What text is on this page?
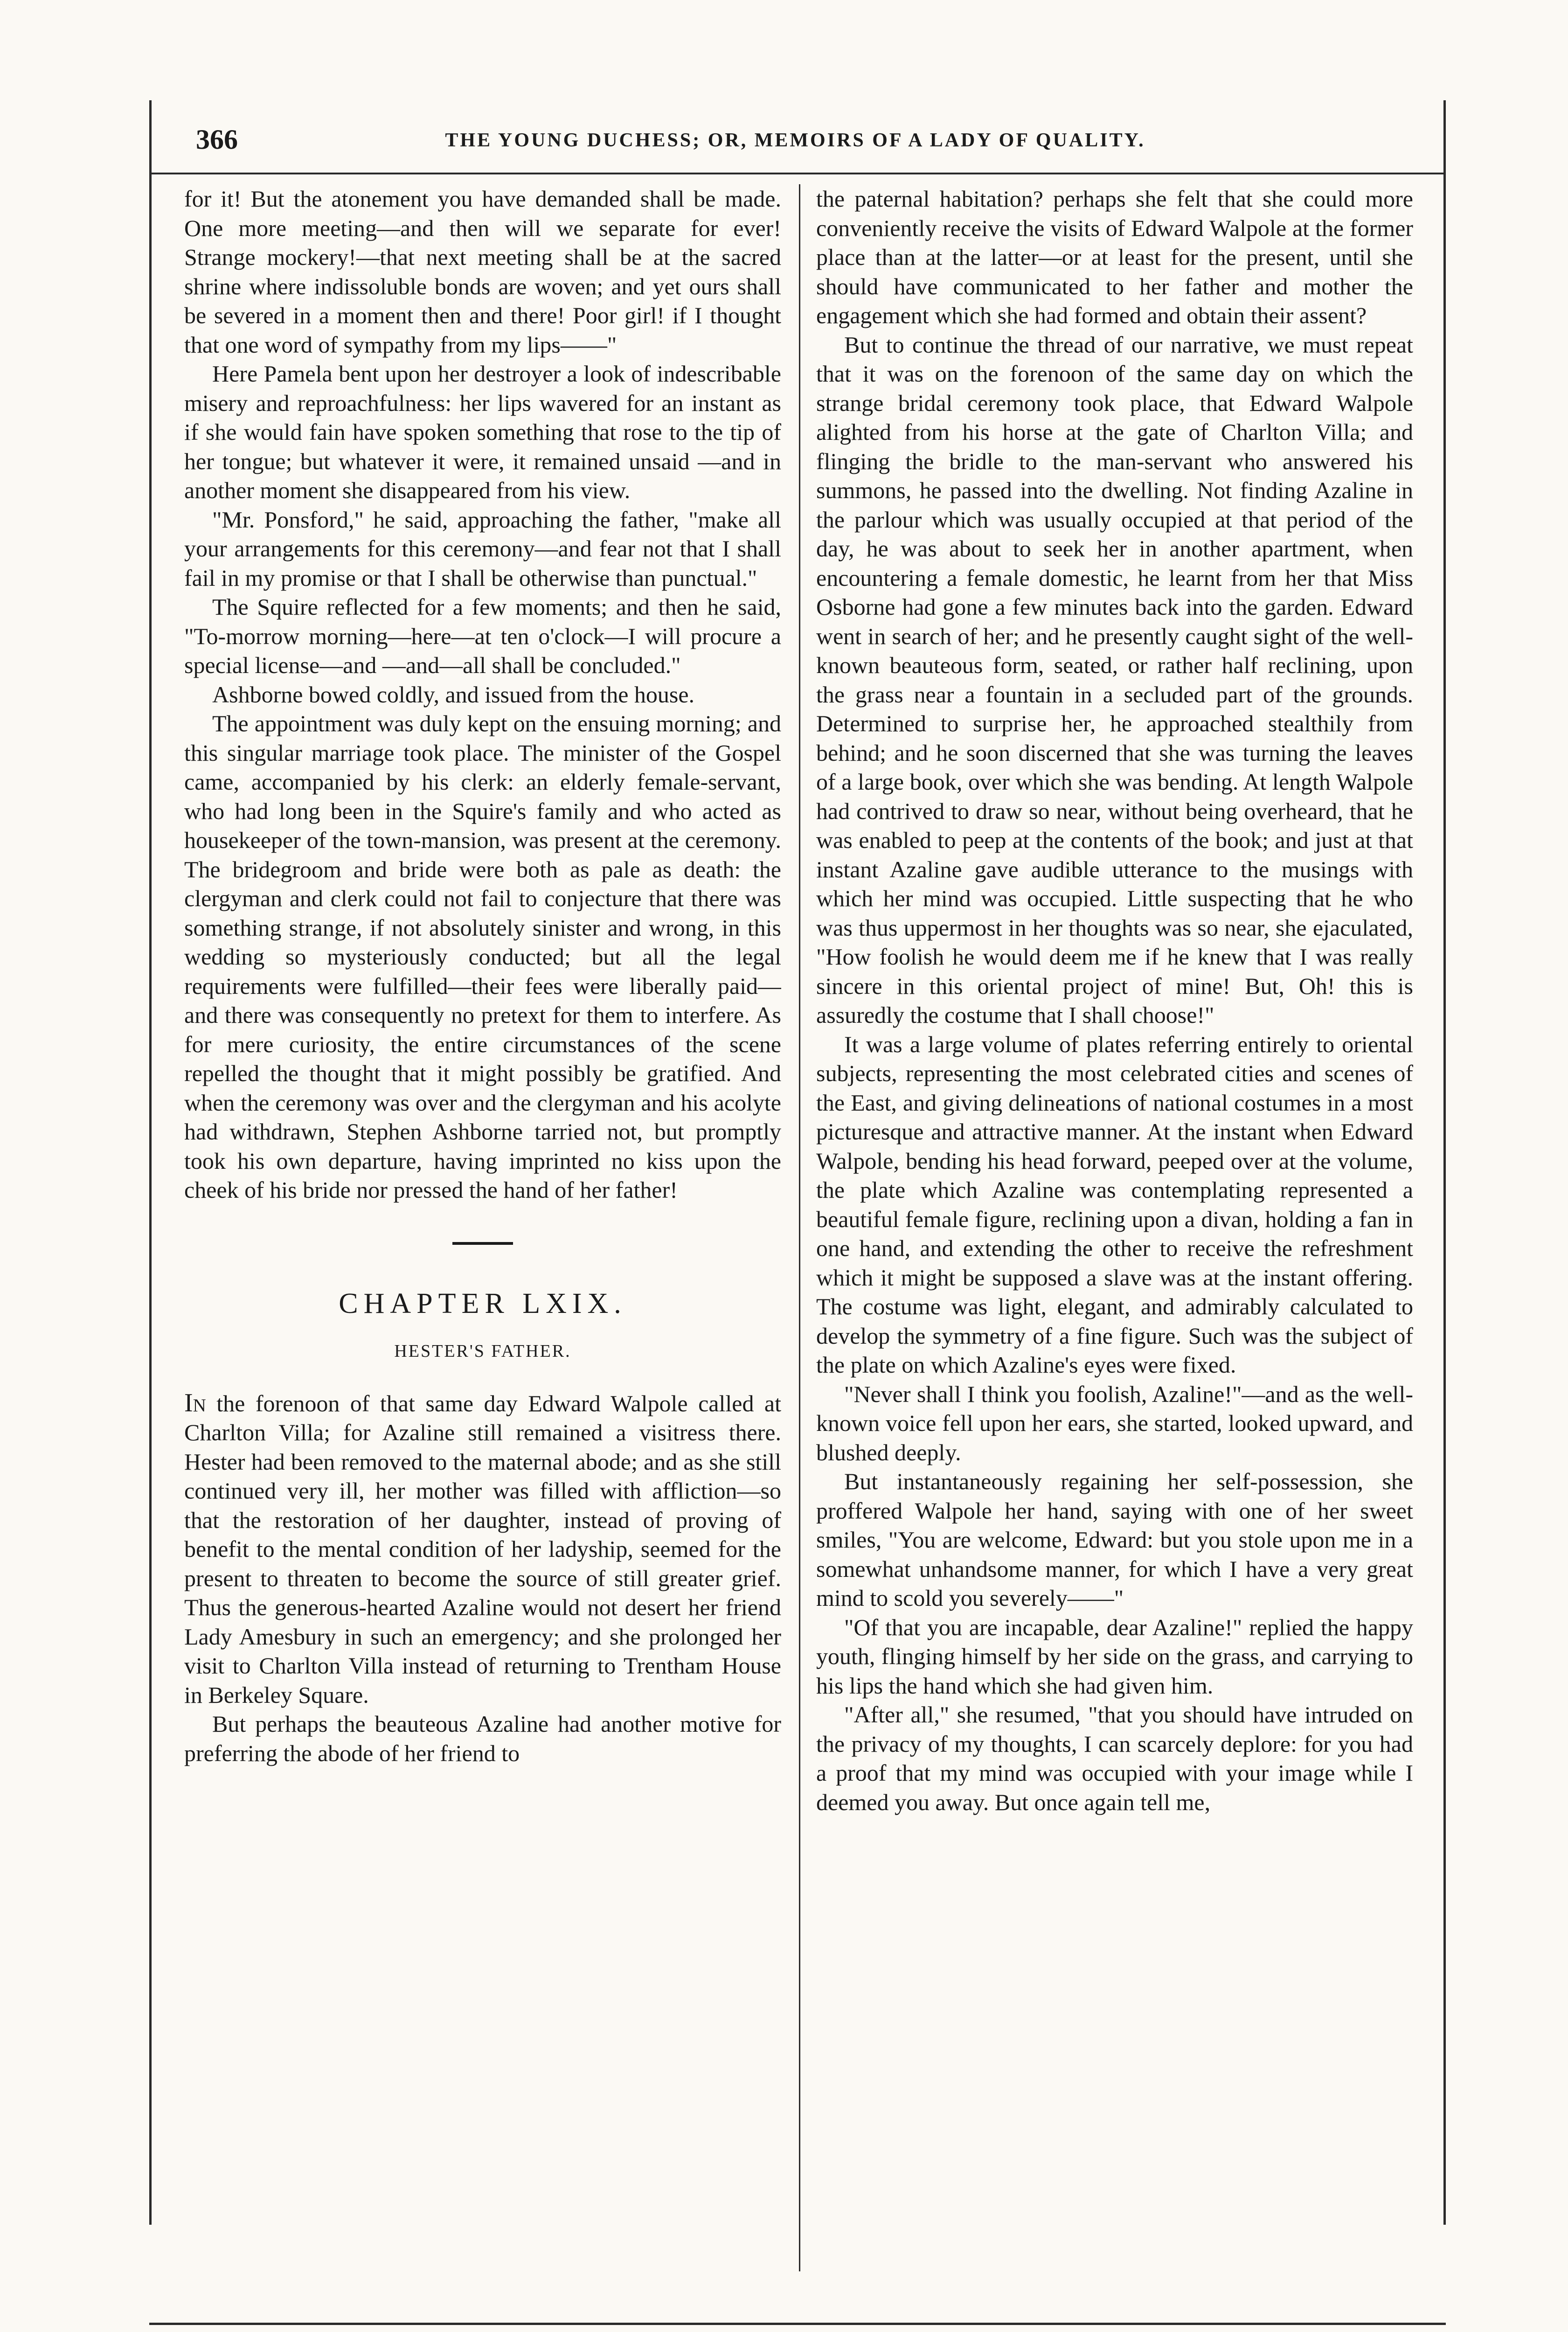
366	THE YOUNG DUCHESS; OR, MEMOIRS OF A LADY OF QUALITY.

for it! But the atonement you have demanded shall be made. One more meeting—and then will we separate for ever! Strange mockery!—that next meeting shall be at the sacred shrine where indissoluble bonds are woven; and yet ours shall be severed in a moment then and there! Poor girl! if I thought that one word of sympathy from my lips——"

Here Pamela bent upon her destroyer a look of indescribable misery and reproachfulness: her lips wavered for an instant as if she would fain have spoken something that rose to the tip of her tongue; but whatever it were, it remained unsaid —and in another moment she disappeared from his view.

"Mr. Ponsford," he said, approaching the father, "make all your arrangements for this ceremony—and fear not that I shall fail in my promise or that I shall be otherwise than punctual."

The Squire reflected for a few moments; and then he said, "To-morrow morning—here—at ten o'clock—I will procure a special license—and —and—all shall be concluded."

Ashborne bowed coldly, and issued from the house.

The appointment was duly kept on the ensuing morning; and this singular marriage took place. The minister of the Gospel came, accompanied by his clerk: an elderly female-servant, who had long been in the Squire's family and who acted as housekeeper of the town-mansion, was present at the ceremony. The bridegroom and bride were both as pale as death: the clergyman and clerk could not fail to conjecture that there was something strange, if not absolutely sinister and wrong, in this wedding so mysteriously conducted; but all the legal requirements were fulfilled—their fees were liberally paid—and there was consequently no pretext for them to interfere. As for mere curiosity, the entire circumstances of the scene repelled the thought that it might possibly be gratified. And when the ceremony was over and the clergyman and his acolyte had withdrawn, Stephen Ashborne tarried not, but promptly took his own departure, having imprinted no kiss upon the cheek of his bride nor pressed the hand of her father!

CHAPTER LXIX.
HESTER'S FATHER.

In the forenoon of that same day Edward Walpole called at Charlton Villa; for Azaline still remained a visitress there. Hester had been removed to the maternal abode; and as she still continued very ill, her mother was filled with affliction—so that the restoration of her daughter, instead of proving of benefit to the mental condition of her ladyship, seemed for the present to threaten to become the source of still greater grief. Thus the generous-hearted Azaline would not desert her friend Lady Amesbury in such an emergency; and she prolonged her visit to Charlton Villa instead of returning to Trentham House in Berkeley Square.

But perhaps the beauteous Azaline had another motive for preferring the abode of her friend to

the paternal habitation? perhaps she felt that she could more conveniently receive the visits of Edward Walpole at the former place than at the latter—or at least for the present, until she should have communicated to her father and mother the engagement which she had formed and obtain their assent?

But to continue the thread of our narrative, we must repeat that it was on the forenoon of the same day on which the strange bridal ceremony took place, that Edward Walpole alighted from his horse at the gate of Charlton Villa; and flinging the bridle to the man-servant who answered his summons, he passed into the dwelling. Not finding Azaline in the parlour which was usually occupied at that period of the day, he was about to seek her in another apartment, when encountering a female domestic, he learnt from her that Miss Osborne had gone a few minutes back into the garden. Edward went in search of her; and he presently caught sight of the well-known beauteous form, seated, or rather half reclining, upon the grass near a fountain in a secluded part of the grounds. Determined to surprise her, he approached stealthily from behind; and he soon discerned that she was turning the leaves of a large book, over which she was bending. At length Walpole had contrived to draw so near, without being overheard, that he was enabled to peep at the contents of the book; and just at that instant Azaline gave audible utterance to the musings with which her mind was occupied. Little suspecting that he who was thus uppermost in her thoughts was so near, she ejaculated, "How foolish he would deem me if he knew that I was really sincere in this oriental project of mine! But, Oh! this is assuredly the costume that I shall choose!"

It was a large volume of plates referring entirely to oriental subjects, representing the most celebrated cities and scenes of the East, and giving delineations of national costumes in a most picturesque and attractive manner. At the instant when Edward Walpole, bending his head forward, peeped over at the volume, the plate which Azaline was contemplating represented a beautiful female figure, reclining upon a divan, holding a fan in one hand, and extending the other to receive the refreshment which it might be supposed a slave was at the instant offering. The costume was light, elegant, and admirably calculated to develop the symmetry of a fine figure. Such was the subject of the plate on which Azaline's eyes were fixed.

"Never shall I think you foolish, Azaline!"—and as the well-known voice fell upon her ears, she started, looked upward, and blushed deeply.

But instantaneously regaining her self-possession, she proffered Walpole her hand, saying with one of her sweet smiles, "You are welcome, Edward: but you stole upon me in a somewhat unhandsome manner, for which I have a very great mind to scold you severely——"

"Of that you are incapable, dear Azaline!" replied the happy youth, flinging himself by her side on the grass, and carrying to his lips the hand which she had given him.

"After all," she resumed, "that you should have intruded on the privacy of my thoughts, I can scarcely deplore: for you had a proof that my mind was occupied with your image while I deemed you away. But once again tell me,
